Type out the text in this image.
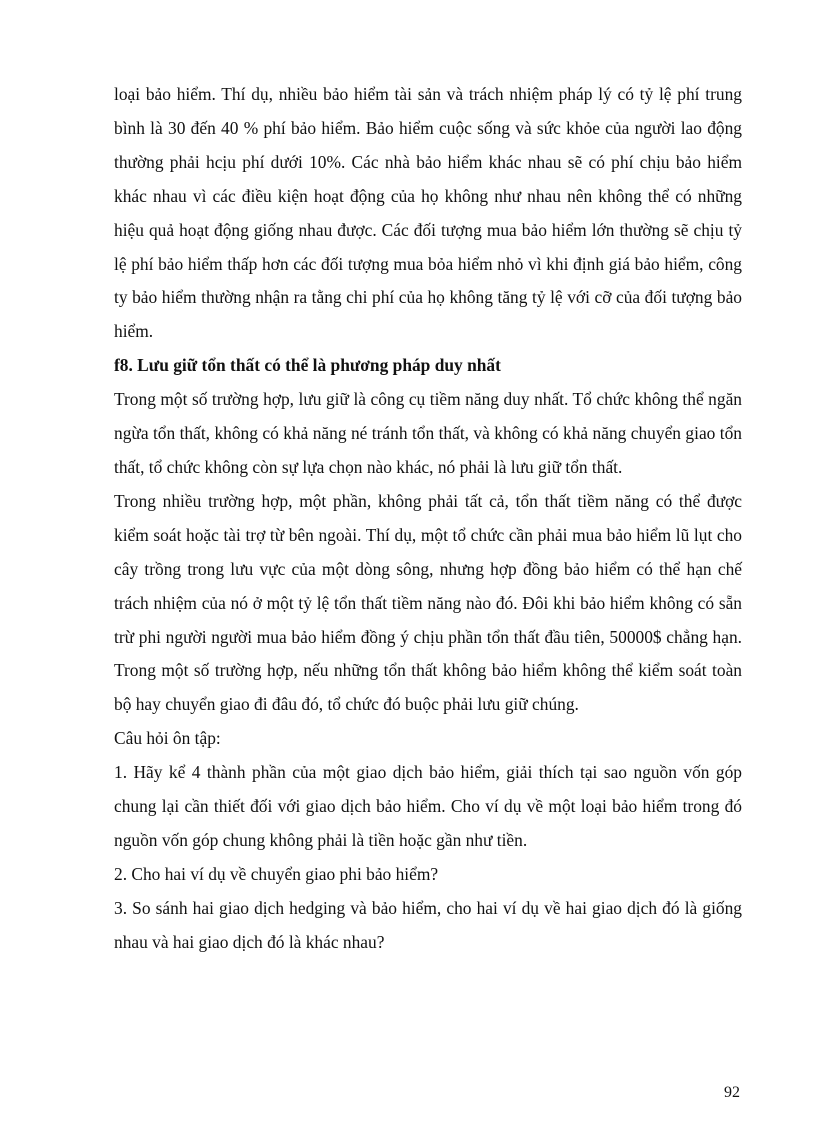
loại bảo hiểm. Thí dụ, nhiều bảo hiểm tài sản và trách nhiệm pháp lý có tỷ lệ phí trung bình là 30 đến 40 % phí bảo hiểm. Bảo hiểm cuộc sống và sức khỏe của người lao động thường phải hcịu phí dưới 10%. Các nhà bảo hiểm khác nhau sẽ có phí chịu bảo hiểm khác nhau vì các điều kiện hoạt động của họ không như nhau nên không thể có những hiệu quả hoạt động giống nhau được. Các đối tượng mua bảo hiểm lớn thường sẽ chịu tỷ lệ phí bảo hiểm thấp hơn các đối tượng mua bỏa hiểm nhỏ vì khi định giá bảo hiểm, công ty bảo hiểm thường nhận ra tằng chi phí của họ không tăng tỷ lệ với cỡ của đối tượng bảo hiểm.

f8. Lưu giữ tổn thất có thể là phương pháp duy nhất

Trong một số trường hợp, lưu giữ là công cụ tiềm năng duy nhất. Tổ chức không thể ngăn ngừa tổn thất, không có khả năng né tránh tổn thất, và không có khả năng chuyển giao tổn thất, tổ chức không còn sự lựa chọn nào khác, nó phải là lưu giữ tổn thất.

Trong nhiều trường hợp, một phần, không phải tất cả, tổn thất tiềm năng có thể được kiểm soát hoặc tài trợ từ bên ngoài. Thí dụ, một tổ chức cần phải mua bảo hiểm lũ lụt cho cây trồng trong lưu vực của một dòng sông, nhưng hợp đồng bảo hiểm có thể hạn chế trách nhiệm của nó ở một tỷ lệ tổn thất tiềm năng nào đó. Đôi khi bảo hiểm không có sẵn trừ phi người người mua bảo hiểm đồng ý chịu phần tổn thất đầu tiên, 50000$ chẳng hạn. Trong một số trường hợp, nếu những tổn thất không bảo hiểm không thể kiểm soát toàn bộ hay chuyển giao đi đâu đó, tổ chức đó buộc phải lưu giữ chúng.

Câu hỏi ôn tập:

1. Hãy kể 4 thành phần của một giao dịch bảo hiểm, giải thích tại sao nguồn vốn góp chung lại cần thiết đối với giao dịch bảo hiểm. Cho ví dụ về một loại bảo hiểm trong đó nguồn vốn góp chung không phải là tiền hoặc gần như tiền.

2. Cho hai ví dụ về chuyển giao phi bảo hiểm?

3. So sánh hai giao dịch hedging và bảo hiểm, cho hai ví dụ về hai giao dịch đó là giống nhau và hai giao dịch đó là khác nhau?

92
